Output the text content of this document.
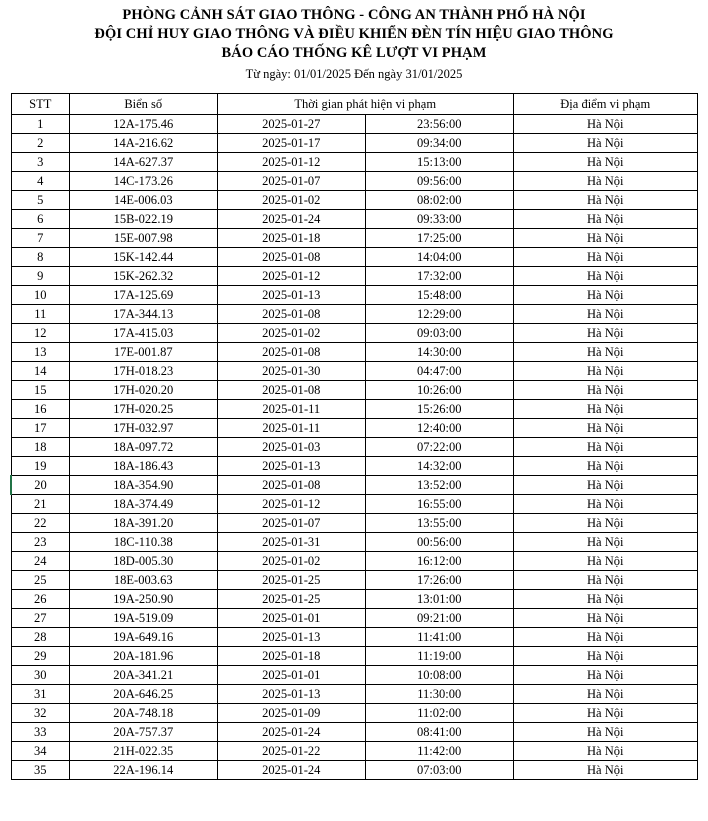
PHÒNG CẢNH SÁT GIAO THÔNG - CÔNG AN THÀNH PHỐ HÀ NỘI
ĐỘI CHỈ HUY GIAO THÔNG VÀ ĐIỀU KHIỂN ĐÈN TÍN HIỆU GIAO THÔNG
BÁO CÁO THỐNG KÊ LƯỢT VI PHẠM
Từ ngày: 01/01/2025 Đến ngày 31/01/2025
STT	Biển số	Thời gian phát hiện vi phạm		Địa điểm vi phạm
1	12A-175.46	2025-01-27	23:56:00	Hà Nội
2	14A-216.62	2025-01-17	09:34:00	Hà Nội
3	14A-627.37	2025-01-12	15:13:00	Hà Nội
4	14C-173.26	2025-01-07	09:56:00	Hà Nội
5	14E-006.03	2025-01-02	08:02:00	Hà Nội
6	15B-022.19	2025-01-24	09:33:00	Hà Nội
7	15E-007.98	2025-01-18	17:25:00	Hà Nội
8	15K-142.44	2025-01-08	14:04:00	Hà Nội
9	15K-262.32	2025-01-12	17:32:00	Hà Nội
10	17A-125.69	2025-01-13	15:48:00	Hà Nội
11	17A-344.13	2025-01-08	12:29:00	Hà Nội
12	17A-415.03	2025-01-02	09:03:00	Hà Nội
13	17E-001.87	2025-01-08	14:30:00	Hà Nội
14	17H-018.23	2025-01-30	04:47:00	Hà Nội
15	17H-020.20	2025-01-08	10:26:00	Hà Nội
16	17H-020.25	2025-01-11	15:26:00	Hà Nội
17	17H-032.97	2025-01-11	12:40:00	Hà Nội
18	18A-097.72	2025-01-03	07:22:00	Hà Nội
19	18A-186.43	2025-01-13	14:32:00	Hà Nội
20	18A-354.90	2025-01-08	13:52:00	Hà Nội
21	18A-374.49	2025-01-12	16:55:00	Hà Nội
22	18A-391.20	2025-01-07	13:55:00	Hà Nội
23	18C-110.38	2025-01-31	00:56:00	Hà Nội
24	18D-005.30	2025-01-02	16:12:00	Hà Nội
25	18E-003.63	2025-01-25	17:26:00	Hà Nội
26	19A-250.90	2025-01-25	13:01:00	Hà Nội
27	19A-519.09	2025-01-01	09:21:00	Hà Nội
28	19A-649.16	2025-01-13	11:41:00	Hà Nội
29	20A-181.96	2025-01-18	11:19:00	Hà Nội
30	20A-341.21	2025-01-01	10:08:00	Hà Nội
31	20A-646.25	2025-01-13	11:30:00	Hà Nội
32	20A-748.18	2025-01-09	11:02:00	Hà Nội
33	20A-757.37	2025-01-24	08:41:00	Hà Nội
34	21H-022.35	2025-01-22	11:42:00	Hà Nội
35	22A-196.14	2025-01-24	07:03:00	Hà Nội
